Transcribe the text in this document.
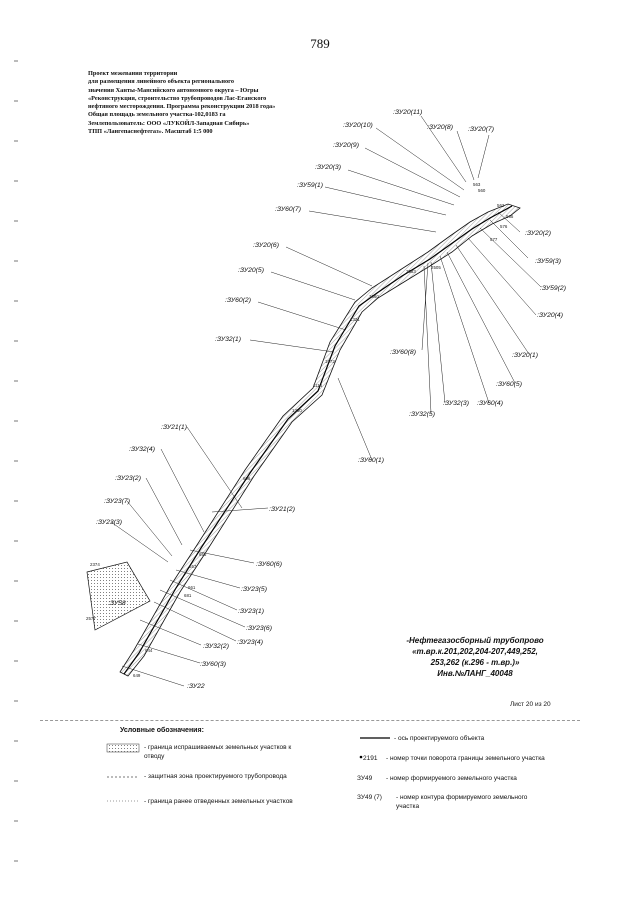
789
Проект межевания территории
для размещения линейного объекта регионального
значения Ханты-Мансийского автономного округа – Югры
«Реконструкция, строительство трубопроводов Лас-Еганского
нефтяного месторождения. Программа реконструкции 2018 года»
Общая площадь земельного участка-102,0183 га
Землепользователь: ООО «ЛУКОЙЛ-Западная Сибирь»
ТПП «Лангепаснефтегаз». Масштаб 1:5 000
:ЗУ20(11)
:ЗУ20(10)	:ЗУ20(8) :ЗУ20(7)
:ЗУ20(9)
:ЗУ20(3)
:ЗУ59(1)
:ЗУ60(7)
:ЗУ20(2)
:ЗУ20(6)
:ЗУ59(3)
:ЗУ20(5)
:ЗУ59(2)
:ЗУ60(2)
:ЗУ20(4)
:ЗУ32(1)
:ЗУ60(8)	:ЗУ20(1)
:ЗУ60(5)
:ЗУ32(3) :ЗУ60(4)
:ЗУ32(5)
:ЗУ21(1)
:ЗУ32(4)
:ЗУ60(1)
:ЗУ23(2)
:ЗУ21(2)
:ЗУ23(7)
:ЗУ23(3)
:ЗУ60(6)
:ЗУ23(5)
:ЗУ58
:ЗУ23(1)
:ЗУ23(6)
:ЗУ23(4)
:ЗУ32(2)
:ЗУ60(3)
:ЗУ22
563
560
562
2583
2505
577
1360
1321
1072
1114
1330
696
655
657
661
681
2374
2577
644
649
565
576
-Нефтегазосборный трубопрово
«т.вр.к.201,202,204-207,449,252,
253,262 (к.296 - т.вр.)»
Инв.№ЛАНГ_40048
Лист 20 из 20
Условные обозначения:
- граница испрашиваемых земельных участков к отводу
- защитная зона проектируемого трубопровода
- граница ранее отведенных земельных участков
- ось проектируемого объекта
2191 - номер точки поворота границы земельного участка
ЗУ49 - номер формируемого земельного участка
ЗУ49 (7) - номер контура формируемого земельного участка
